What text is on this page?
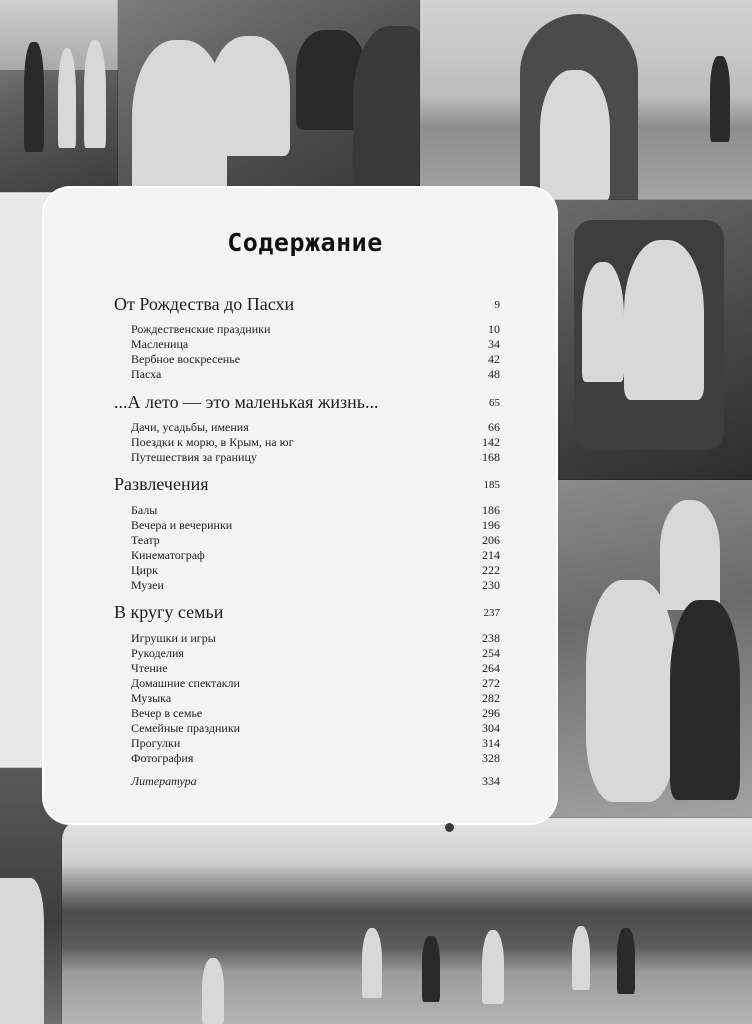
Содержание
От Рождества до Пасхи	9
Рождественские праздники	10
Масленица	34
Вербное воскресенье	42
Пасха	48
...А лето — это маленькая жизнь...	65
Дачи, усадьбы, имения	66
Поездки к морю, в Крым, на юг	142
Путешествия за границу	168
Развлечения	185
Балы	186
Вечера и вечеринки	196
Театр	206
Кинематограф	214
Цирк	222
Музеи	230
В кругу семьи	237
Игрушки и игры	238
Рукоделия	254
Чтение	264
Домашние спектакли	272
Музыка	282
Вечер в семье	296
Семейные праздники	304
Прогулки	314
Фотография	328
Литература	334
